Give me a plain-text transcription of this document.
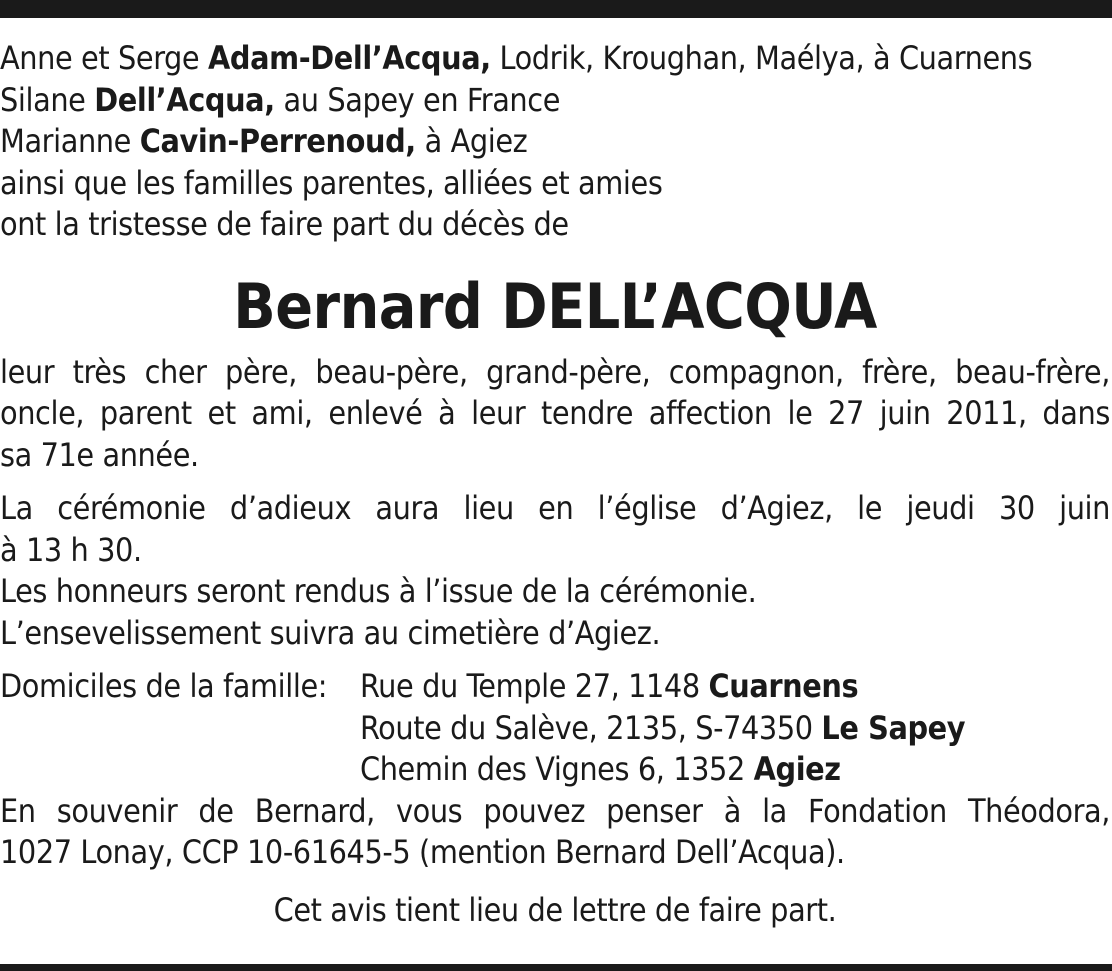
Anne et Serge Adam-Dell’Acqua, Lodrik, Kroughan, Maélya, à Cuarnens
Silane Dell’Acqua, au Sapey en France
Marianne Cavin-Perrenoud, à Agiez
ainsi que les familles parentes, alliées et amies
ont la tristesse de faire part du décès de
Bernard DELL’ACQUA
leur très cher père, beau-père, grand-père, compagnon, frère, beau-frère,
oncle, parent et ami, enlevé à leur tendre affection le 27 juin 2011, dans
sa 71e année.
La cérémonie d’adieux aura lieu en l’église d’Agiez, le jeudi 30 juin
à 13 h 30.
Les honneurs seront rendus à l’issue de la cérémonie.
L’ensevelissement suivra au cimetière d’Agiez.
Domiciles de la famille:	Rue du Temple 27, 1148 Cuarnens
Route du Salève, 2135, S-74350 Le Sapey
Chemin des Vignes 6, 1352 Agiez
En souvenir de Bernard, vous pouvez penser à la Fondation Théodora,
1027 Lonay, CCP 10-61645-5 (mention Bernard Dell’Acqua).
Cet avis tient lieu de lettre de faire part.
